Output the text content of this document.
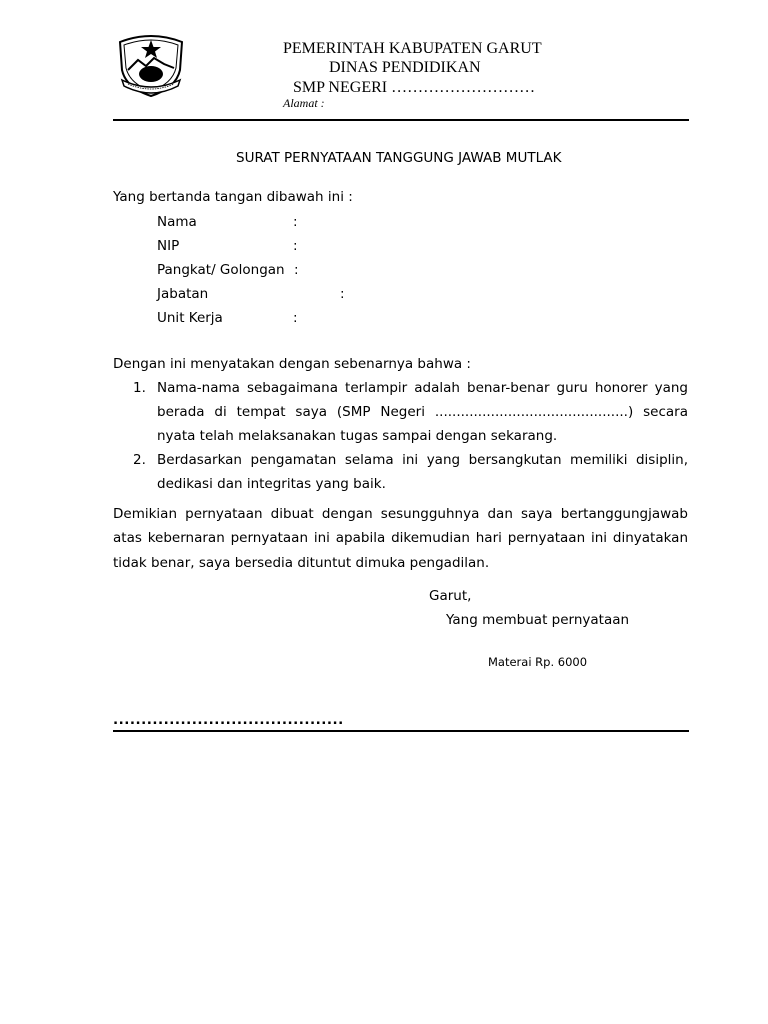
PEMERINTAH KABUPATEN GARUT
DINAS PENDIDIKAN
SMP NEGERI ………………………
Alamat :
SURAT PERNYATAAN TANGGUNG JAWAB MUTLAK
Yang bertanda tangan dibawah ini :
Nama	:
NIP	:
Pangkat/ Golongan :
Jabatan	:
Unit Kerja	:
Dengan ini menyatakan dengan sebenarnya bahwa :
1. Nama-nama sebagaimana terlampir adalah benar-benar guru honorer yang berada di tempat saya (SMP Negeri .............................................) secara nyata telah melaksanakan tugas sampai dengan sekarang.
2. Berdasarkan pengamatan selama ini yang bersangkutan memiliki disiplin, dedikasi dan integritas yang baik.
Demikian pernyataan dibuat dengan sesungguhnya dan saya bertanggungjawab atas kebernaran pernyataan ini apabila dikemudian hari pernyataan ini dinyatakan tidak benar, saya bersedia dituntut dimuka pengadilan.
Garut,
Yang membuat pernyataan
Materai Rp. 6000
.........................................
